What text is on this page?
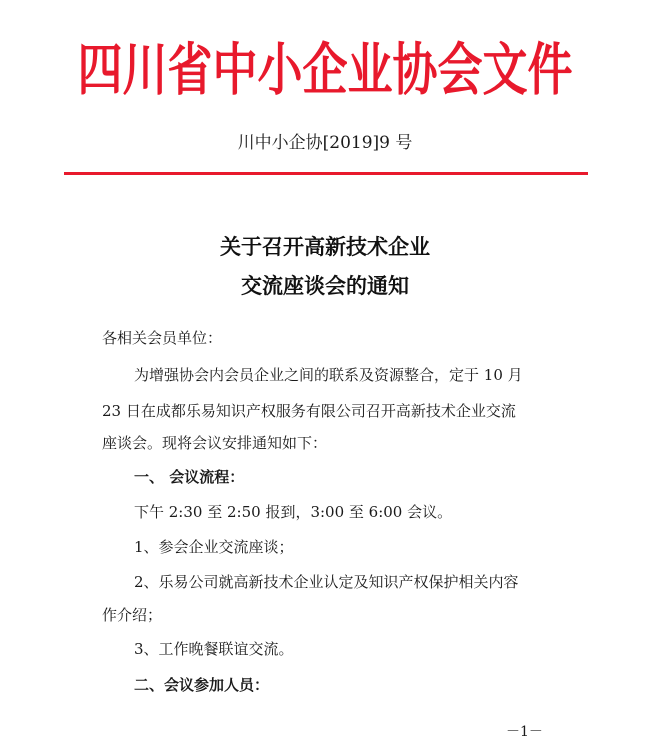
四川省中小企业协会文件
川中小企协[2019]9 号
关于召开高新技术企业
交流座谈会的通知
各相关会员单位：
为增强协会内会员企业之间的联系及资源整合，定于 10 月
23 日在成都乐易知识产权服务有限公司召开高新技术企业交流
座谈会。现将会议安排通知如下：
一、 会议流程：
下午 2:30 至 2:50 报到，3:00 至 6:00 会议。
1、参会企业交流座谈；
2、乐易公司就高新技术企业认定及知识产权保护相关内容
作介绍；
3、工作晚餐联谊交流。
二、会议参加人员：
－1－
